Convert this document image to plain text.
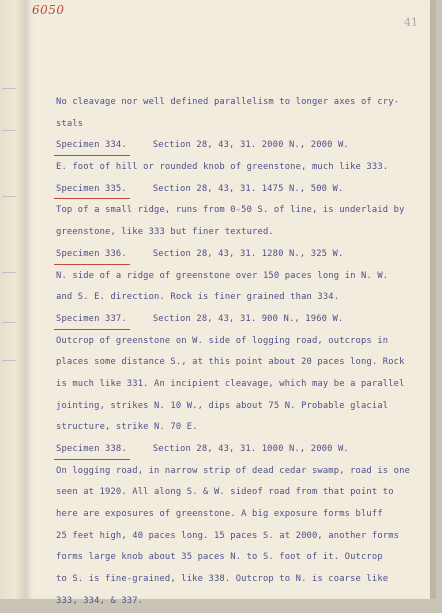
6050
41
No cleavage nor well defined parallelism to longer axes of cry-
stals
Specimen 334.	Section 28, 43, 31. 2000 N., 2000 W.
E. foot of hill or rounded knob of greenstone, much like 333.
Specimen 335.	Section 28, 43, 31. 1475 N., 500 W.
Top of a small ridge, runs from 0-50 S. of line, is underlaid by
greenstone, like 333 but finer textured.
Specimen 336.	Section 28, 43, 31. 1280 N., 325 W.
N. side of a ridge of greenstone over 150 paces long in N. W.
and S. E. direction. Rock is finer grained than 334.
Specimen 337.	Section 28, 43, 31. 900 N., 1960 W.
Outcrop of greenstone on W. side of logging road, outcrops in
places some distance S., at this point about 20 paces long. Rock
is much like 331. An incipient cleavage, which may be a parallel
jointing, strikes N. 10 W., dips about 75 N. Probable glacial
structure, strike N. 70 E.
Specimen 338.	Section 28, 43, 31. 1000 N., 2000 W.
On logging road, in narrow strip of dead cedar swamp, road is one
seen at 1920. All along S. & W. sideof road from that point to
here are exposures of greenstone. A big exposure forms bluff
25 feet high, 40 paces long. 15 paces S. at 2000, another forms
forms large knob about 35 paces N. to S. foot of it. Outcrop
to S. is fine-grained, like 338. Outcrop to N. is coarse like
333, 334, & 337.
